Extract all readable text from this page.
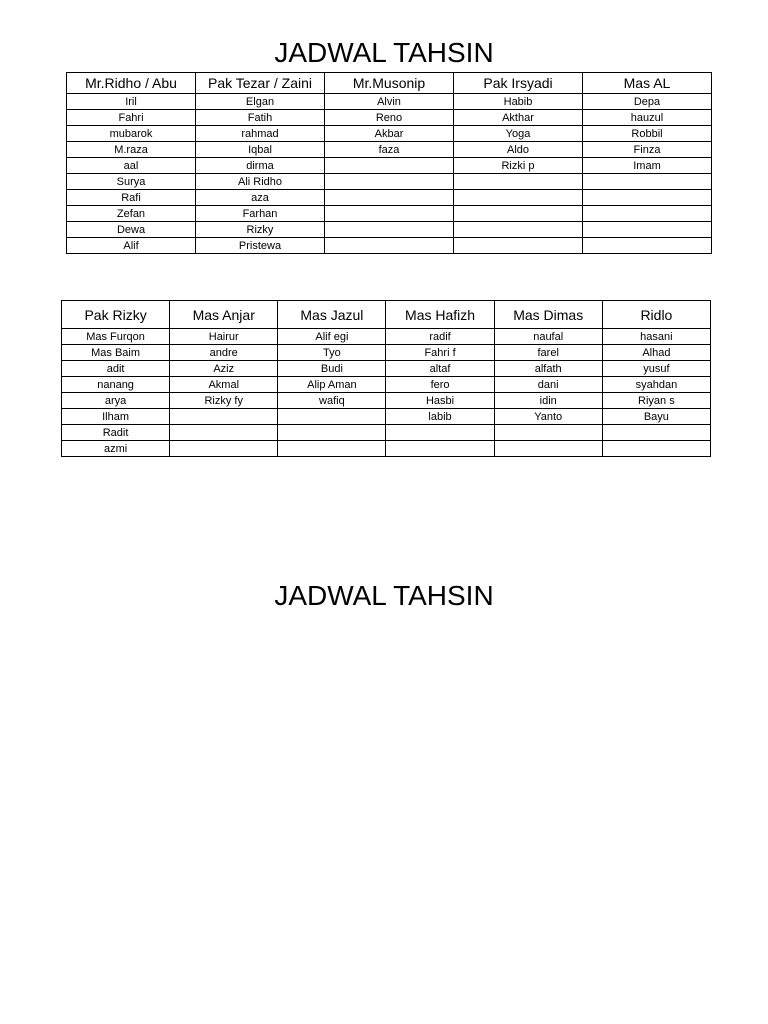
JADWAL TAHSIN
Mr.Ridho / Abu	Pak Tezar / Zaini	Mr.Musonip	Pak Irsyadi	Mas AL
Iril	Elgan	Alvin	Habib	Depa
Fahri	Fatih	Reno	Akthar	hauzul
mubarok	rahmad	Akbar	Yoga	Robbil
M.raza	Iqbal	faza	Aldo	Finza
aal	dirma		Rizki p	Imam
Surya	Ali Ridho			
Rafi	aza			
Zefan	Farhan			
Dewa	Rizky			
Alif	Pristewa			
Pak Rizky	Mas Anjar	Mas Jazul	Mas Hafizh	Mas Dimas	Ridlo
Mas Furqon	Hairur	Alif egi	radif	naufal	hasani
Mas Baim	andre	Tyo	Fahri f	farel	Alhad
adit	Aziz	Budi	altaf	alfath	yusuf
nanang	Akmal	Alip Aman	fero	dani	syahdan
arya	Rizky fy	wafiq	Hasbi	idin	Riyan s
Ilham			labib	Yanto	Bayu
Radit					
azmi					
JADWAL TAHSIN
